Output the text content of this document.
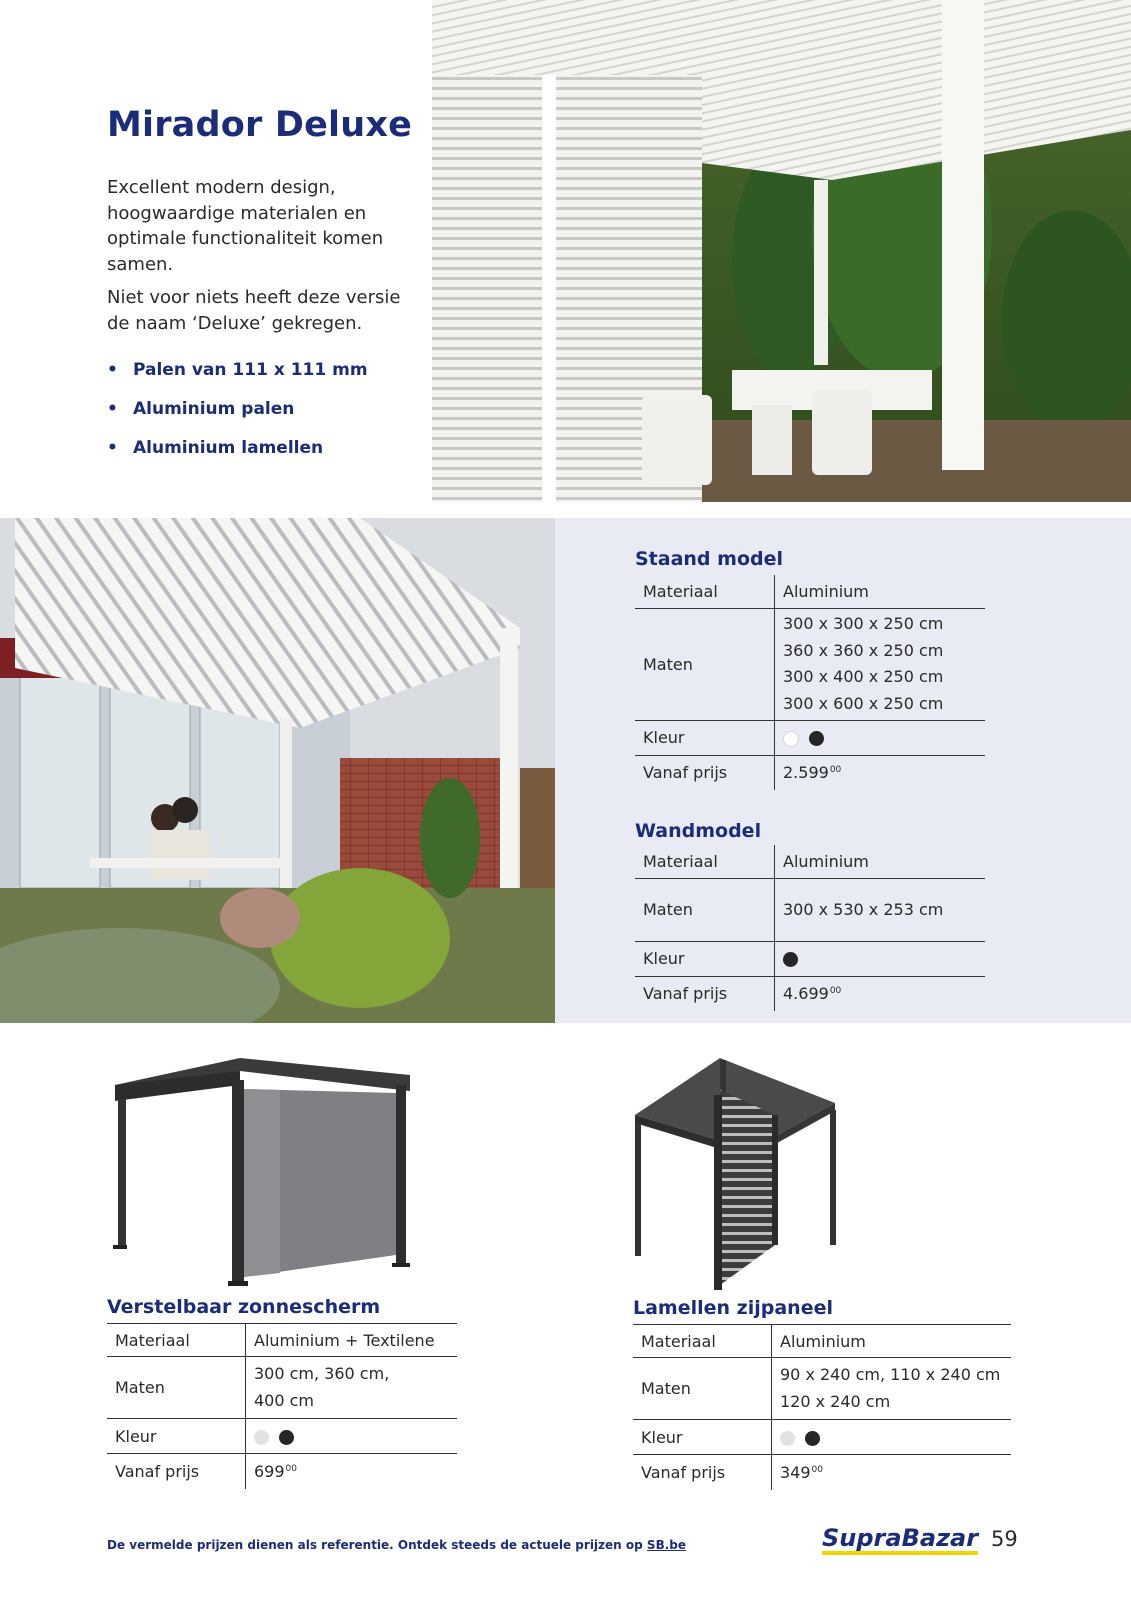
Mirador Deluxe

Excellent modern design, hoogwaardige materialen en optimale functionaliteit komen samen.

Niet voor niets heeft deze versie de naam ‘Deluxe’ gekregen.

• Palen van 111 x 111 mm
• Aluminium palen
• Aluminium lamellen
Staand model
Materiaal	Aluminium
Maten	300 x 300 x 250 cm
360 x 360 x 250 cm
300 x 400 x 250 cm
300 x 600 x 250 cm

Kleur	
Vanaf prijs	2.599$^{00}$
Wandmodel
Materiaal	Aluminium
Maten	300 x 530 x 253 cm
Kleur	
Vanaf prijs	4.699$^{00}$
Verstelbaar zonnescherm
Materiaal	Aluminium + Textilene
Maten	300 cm, 360 cm,
400 cm

Kleur	
Vanaf prijs	$699^{00}$
Lamellen zijpaneel
Materiaal	Aluminium
Maten	90 x 240 cm, 110 x 240 cm
120 x 240 cm

Kleur	
Vanaf prijs	$349^{00}$
De vermelde prijzen dienen als referentie. Ontdek steeds de actuele prijzen op SB.be	SupraBazar 59
